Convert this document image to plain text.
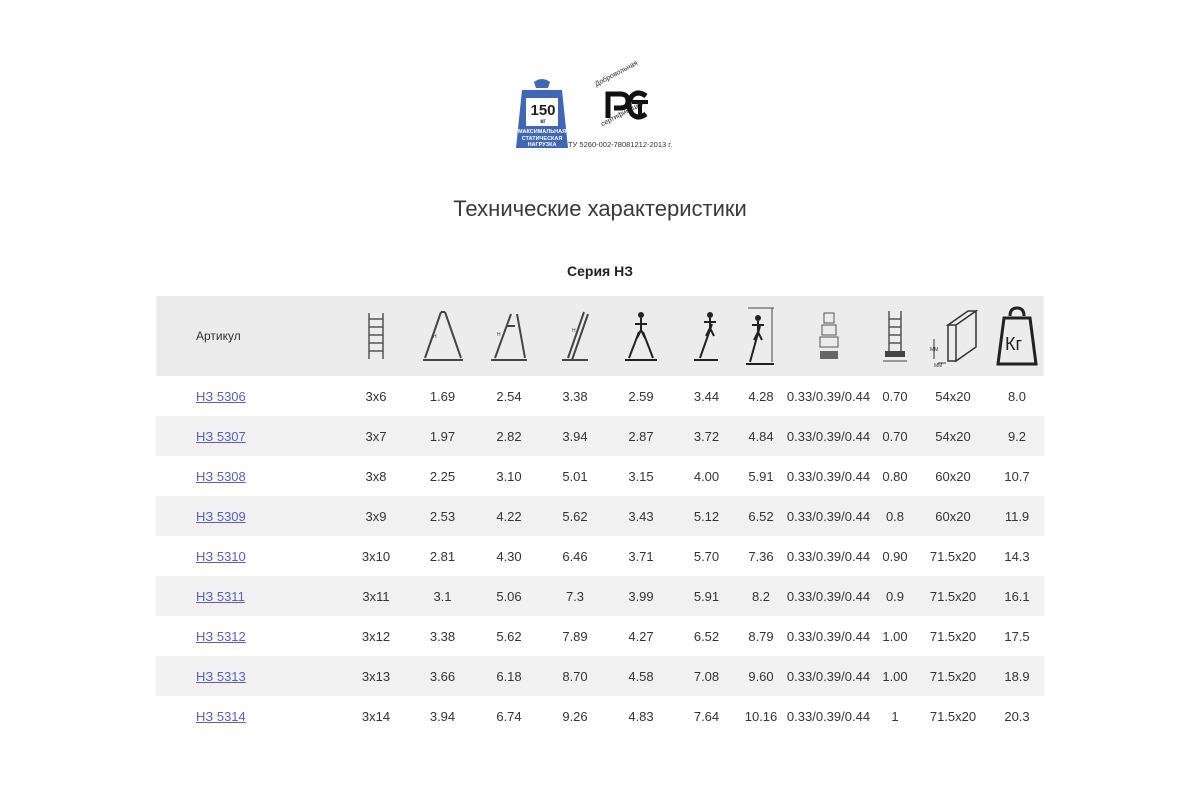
150
кг
МАКСИМАЛЬНАЯ
СТАТИЧЕСКАЯ
НАГРУЗКА
Добровольная
сертификация
ТУ 5260-002-78081212-2013 г.
Технические характеристики
Серия НЗ
Артикул		H	H	H						ММ
ММ	Кг

НЗ 5306	3х6	1.69	2.54	3.38	2.59	3.44	4.28	0.33/0.39/0.44	0.70	54х20	8.0
НЗ 5307	3х7	1.97	2.82	3.94	2.87	3.72	4.84	0.33/0.39/0.44	0.70	54х20	9.2
НЗ 5308	3х8	2.25	3.10	5.01	3.15	4.00	5.91	0.33/0.39/0.44	0.80	60х20	10.7
НЗ 5309	3х9	2.53	4.22	5.62	3.43	5.12	6.52	0.33/0.39/0.44	0.8	60х20	11.9
НЗ 5310	3х10	2.81	4.30	6.46	3.71	5.70	7.36	0.33/0.39/0.44	0.90	71.5х20	14.3
НЗ 5311	3х11	3.1	5.06	7.3	3.99	5.91	8.2	0.33/0.39/0.44	0.9	71.5х20	16.1
НЗ 5312	3х12	3.38	5.62	7.89	4.27	6.52	8.79	0.33/0.39/0.44	1.00	71.5х20	17.5
НЗ 5313	3х13	3.66	6.18	8.70	4.58	7.08	9.60	0.33/0.39/0.44	1.00	71.5х20	18.9
НЗ 5314	3х14	3.94	6.74	9.26	4.83	7.64	10.16	0.33/0.39/0.44	1	71.5х20	20.3
